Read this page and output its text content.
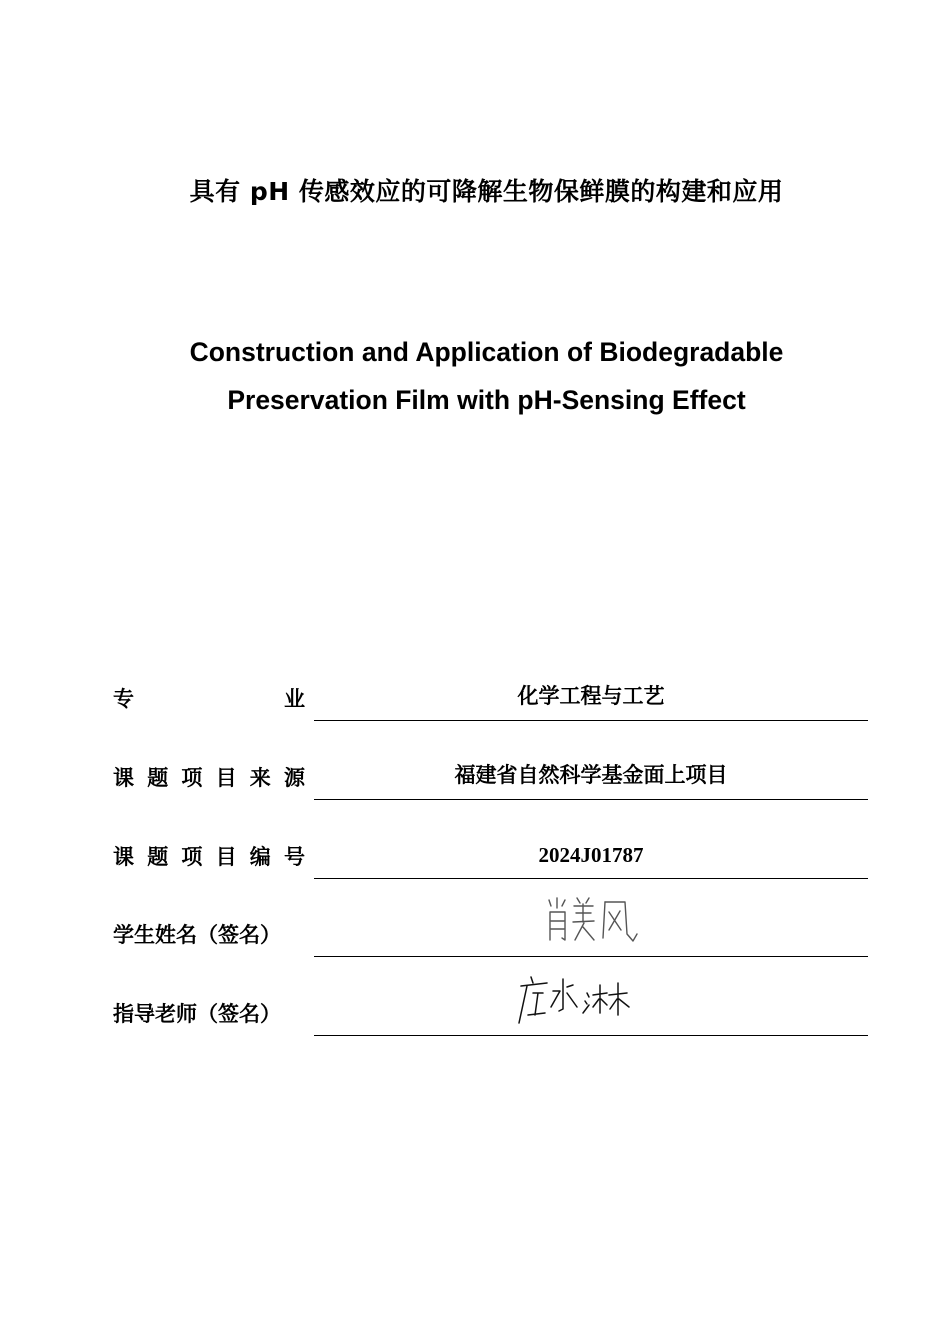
具有 pH 传感效应的可降解生物保鲜膜的构建和应用
Construction and Application of Biodegradable
Preservation Film with pH-Sensing Effect
专	业	化学工程与工艺
课 题 项 目 来 源	福建省自然科学基金面上项目
课 题 项 目 编 号	2024J01787
学生姓名（签名）
指导老师（签名）
